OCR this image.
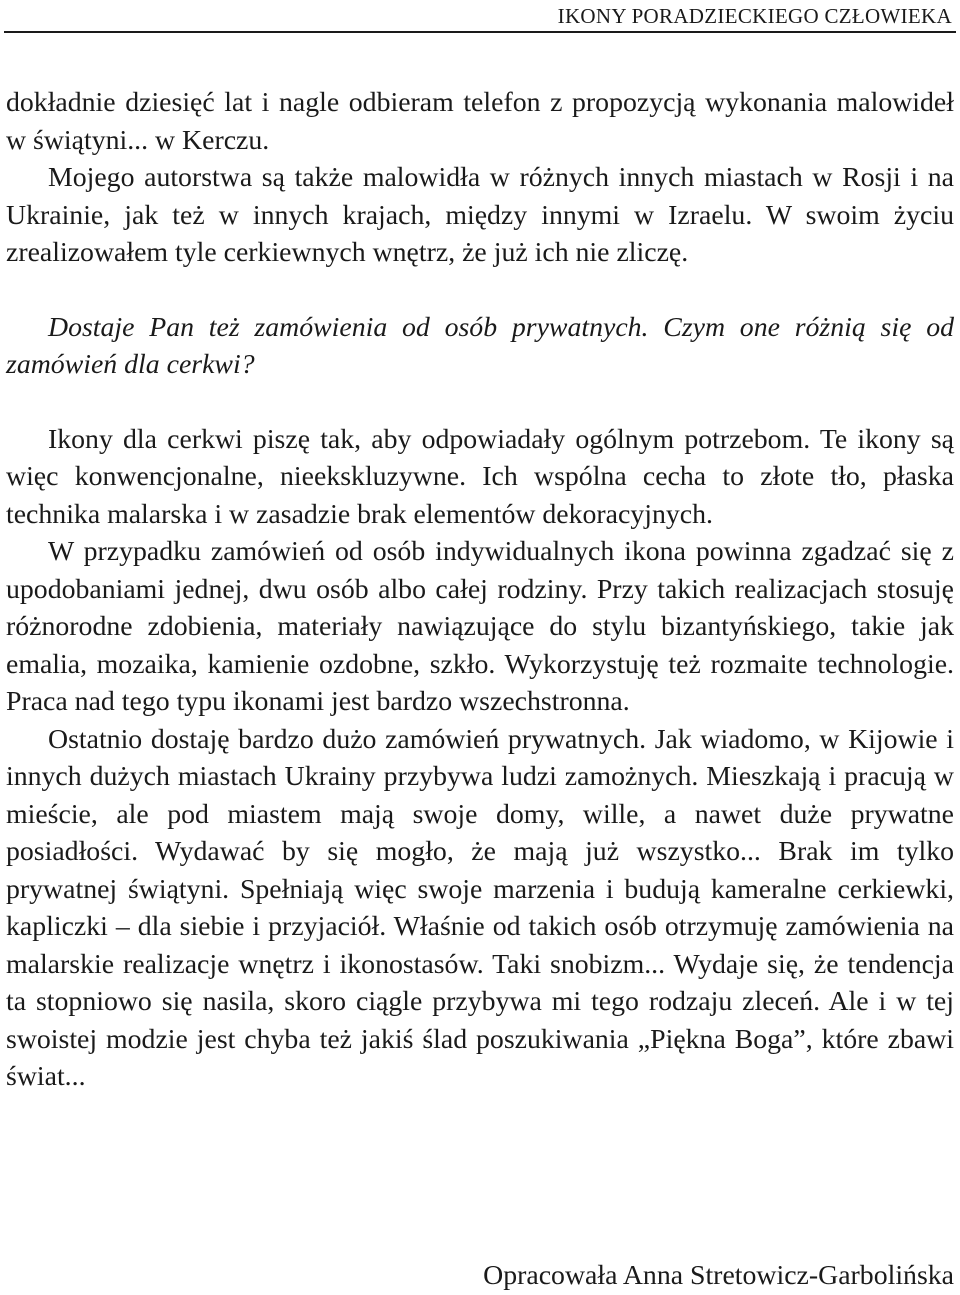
IKONY PORADZIECKIEGO CZŁOWIEKA

dokładnie dziesięć lat i nagle odbieram telefon z propozycją wykonania malowideł w świątyni... w Kerczu.

Mojego autorstwa są także malowidła w różnych innych miastach w Rosji i na Ukrainie, jak też w innych krajach, między innymi w Izraelu. W swoim życiu zrealizowałem tyle cerkiewnych wnętrz, że już ich nie zliczę.

Dostaje Pan też zamówienia od osób prywatnych. Czym one różnią się od zamówień dla cerkwi?

Ikony dla cerkwi piszę tak, aby odpowiadały ogólnym potrzebom. Te ikony są więc konwencjonalne, nieekskluzywne. Ich wspólna cecha to złote tło, płaska technika malarska i w zasadzie brak elementów dekoracyjnych.

W przypadku zamówień od osób indywidualnych ikona powinna zgadzać się z upodobaniami jednej, dwu osób albo całej rodziny. Przy takich realizacjach stosuję różnorodne zdobienia, materiały nawiązujące do stylu bizantyńskiego, takie jak emalia, mozaika, kamienie ozdobne, szkło. Wykorzystuję też rozmaite technologie. Praca nad tego typu ikonami jest bardzo wszechstronna.

Ostatnio dostaję bardzo dużo zamówień prywatnych. Jak wiadomo, w Kijowie i innych dużych miastach Ukrainy przybywa ludzi zamożnych. Mieszkają i pracują w mieście, ale pod miastem mają swoje domy, wille, a nawet duże prywatne posiadłości. Wydawać by się mogło, że mają już wszystko... Brak im tylko prywatnej świątyni. Spełniają więc swoje marzenia i budują kameralne cerkiewki, kapliczki – dla siebie i przyjaciół. Właśnie od takich osób otrzymuję zamówienia na malarskie realizacje wnętrz i ikonostasów. Taki snobizm... Wydaje się, że tendencja ta stopniowo się nasila, skoro ciągle przybywa mi tego rodzaju zleceń. Ale i w tej swoistej modzie jest chyba też jakiś ślad poszukiwania „Piękna Boga”, które zbawi świat...

Opracowała Anna Stretowicz-Garbolińska
